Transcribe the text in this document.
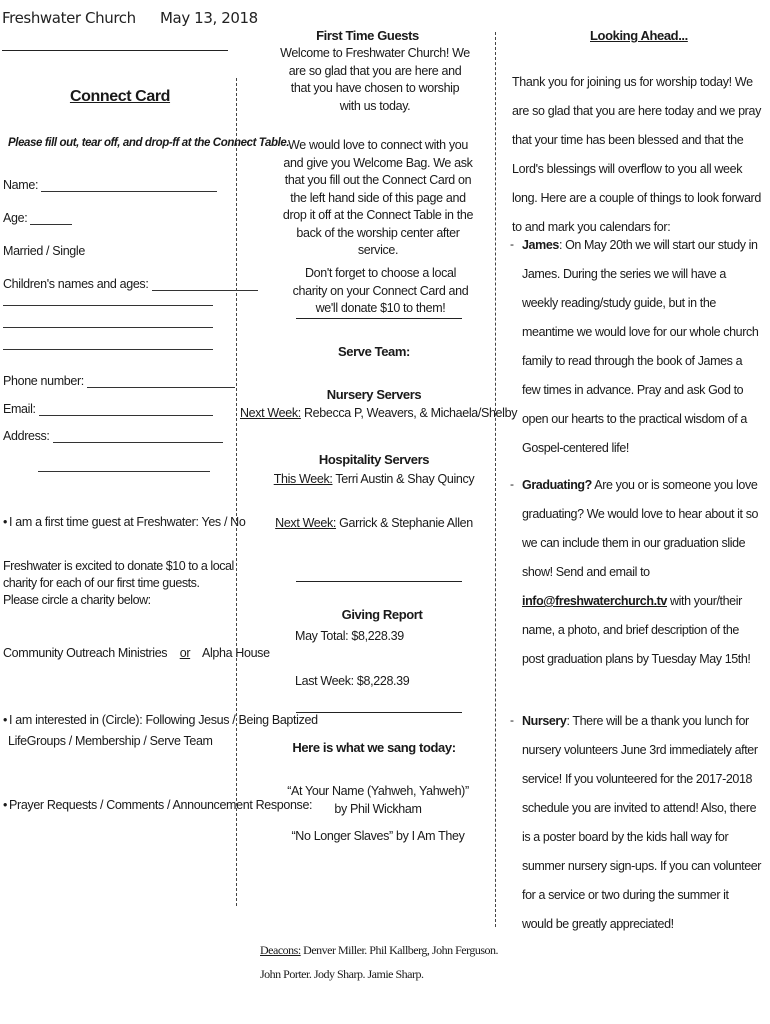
Freshwater Church May 13, 2018
Connect Card
Please fill out, tear off, and drop-ff at the Connect Table.
Name:
Age:
Married / Single
Children's names and ages:
Phone number:
Email:
Address:
• I am a first time guest at Freshwater: Yes / No
Freshwater is excited to donate $10 to a local charity for each of our first time guests. Please circle a charity below:
Community Outreach Ministries or Alpha House
• I am interested in (Circle): Following Jesus / Being Baptized
LifeGroups / Membership / Serve Team
• Prayer Requests / Comments / Announcement Response:
First Time Guests
Welcome to Freshwater Church! We are so glad that you are here and that you have chosen to worship with us today.
We would love to connect with you and give you Welcome Bag. We ask that you fill out the Connect Card on the left hand side of this page and drop it off at the Connect Table in the back of the worship center after service.
Don't forget to choose a local charity on your Connect Card and we'll donate $10 to them!
Serve Team:
Nursery Servers
Next Week: Rebecca P, Weavers, & Michaela/Shelby
Hospitality Servers
This Week: Terri Austin & Shay Quincy
Next Week: Garrick & Stephanie Allen
Giving Report
May Total: $8,228.39
Last Week: $8,228.39
Here is what we sang today:
“At Your Name (Yahweh, Yahweh)” by Phil Wickham
“No Longer Slaves” by I Am They
Deacons: Denver Miller. Phil Kallberg, John Ferguson. John Porter. Jody Sharp. Jamie Sharp.
Looking Ahead...
Thank you for joining us for worship today! We are so glad that you are here today and we pray that your time has been blessed and that the Lord's blessings will overflow to you all week long. Here are a couple of things to look forward to and mark you calendars for:
- James: On May 20th we will start our study in James. During the series we will have a weekly reading/study guide, but in the meantime we would love for our whole church family to read through the book of James a few times in advance. Pray and ask God to open our hearts to the practical wisdom of a Gospel-centered life!
- Graduating? Are you or is someone you love graduating? We would love to hear about it so we can include them in our graduation slide show! Send and email to info@freshwaterchurch.tv with your/their name, a photo, and brief description of the post graduation plans by Tuesday May 15th!
- Nursery: There will be a thank you lunch for nursery volunteers June 3rd immediately after service! If you volunteered for the 2017-2018 schedule you are invited to attend! Also, there is a poster board by the kids hall way for summer nursery sign-ups. If you can volunteer for a service or two during the summer it would be greatly appreciated!
